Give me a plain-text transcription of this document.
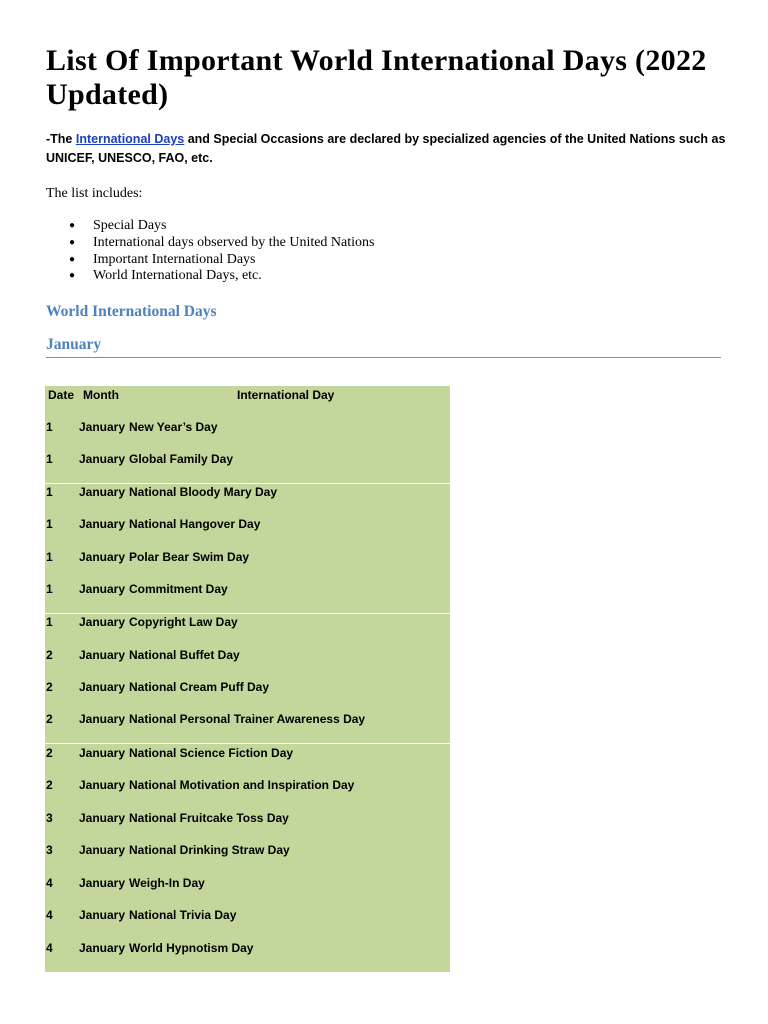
List Of Important World International Days (2022 Updated)
-The International Days and Special Occasions are declared by specialized agencies of the United Nations such as UNICEF, UNESCO, FAO, etc.
The list includes:
● Special Days
● International days observed by the United Nations
● Important International Days
● World International Days, etc.
World International Days
January
Date Month	International Day
1 January New Year’s Day
1 January Global Family Day
1 January National Bloody Mary Day
1 January National Hangover Day
1 January Polar Bear Swim Day
1 January Commitment Day
1 January Copyright Law Day
2 January National Buffet Day
2 January National Cream Puff Day
2 January National Personal Trainer Awareness Day
2 January National Science Fiction Day
2 January National Motivation and Inspiration Day
3 January National Fruitcake Toss Day
3 January National Drinking Straw Day
4 January Weigh-In Day
4 January National Trivia Day
4 January World Hypnotism Day
